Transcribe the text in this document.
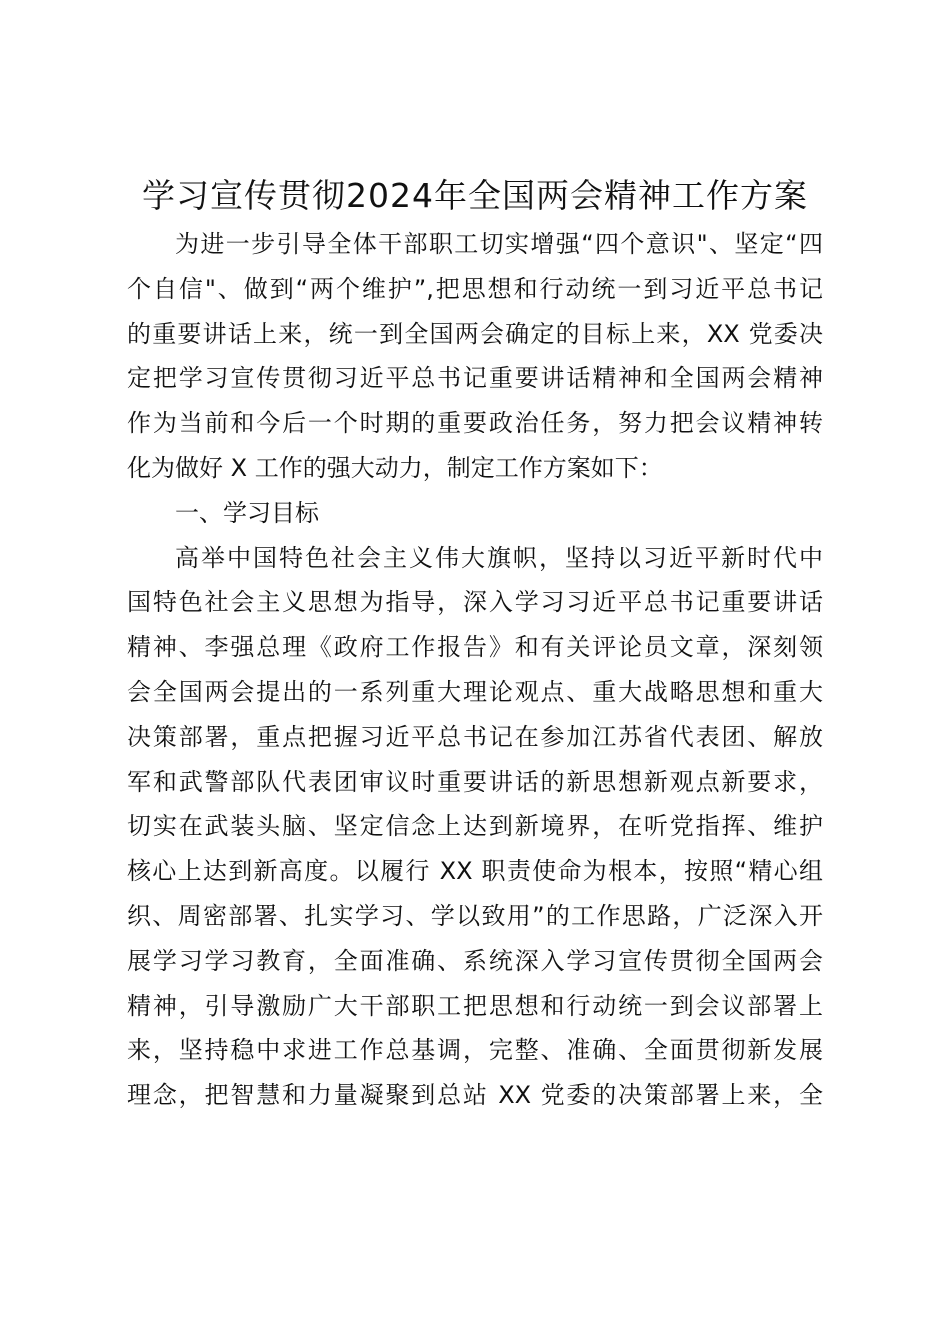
学习宣传贯彻2024年全国两会精神工作方案
为进一步引导全体干部职工切实增强“四个意识"、坚定“四
个自信"、做到“两个维护”,把思想和行动统一到习近平总书记
的重要讲话上来，统一到全国两会确定的目标上来，XX 党委决
定把学习宣传贯彻习近平总书记重要讲话精神和全国两会精神
作为当前和今后一个时期的重要政治任务，努力把会议精神转
化为做好 X 工作的强大动力，制定工作方案如下：
一、学习目标
高举中国特色社会主义伟大旗帜，坚持以习近平新时代中
国特色社会主义思想为指导，深入学习习近平总书记重要讲话
精神、李强总理《政府工作报告》和有关评论员文章，深刻领
会全国两会提出的一系列重大理论观点、重大战略思想和重大
决策部署，重点把握习近平总书记在参加江苏省代表团、解放
军和武警部队代表团审议时重要讲话的新思想新观点新要求，
切实在武装头脑、坚定信念上达到新境界，在听党指挥、维护
核心上达到新高度。以履行 XX 职责使命为根本，按照“精心组
织、周密部署、扎实学习、学以致用”的工作思路，广泛深入开
展学习学习教育，全面准确、系统深入学习宣传贯彻全国两会
精神，引导激励广大干部职工把思想和行动统一到会议部署上
来，坚持稳中求进工作总基调，完整、准确、全面贯彻新发展
理念，把智慧和力量凝聚到总站 XX 党委的决策部署上来，全
